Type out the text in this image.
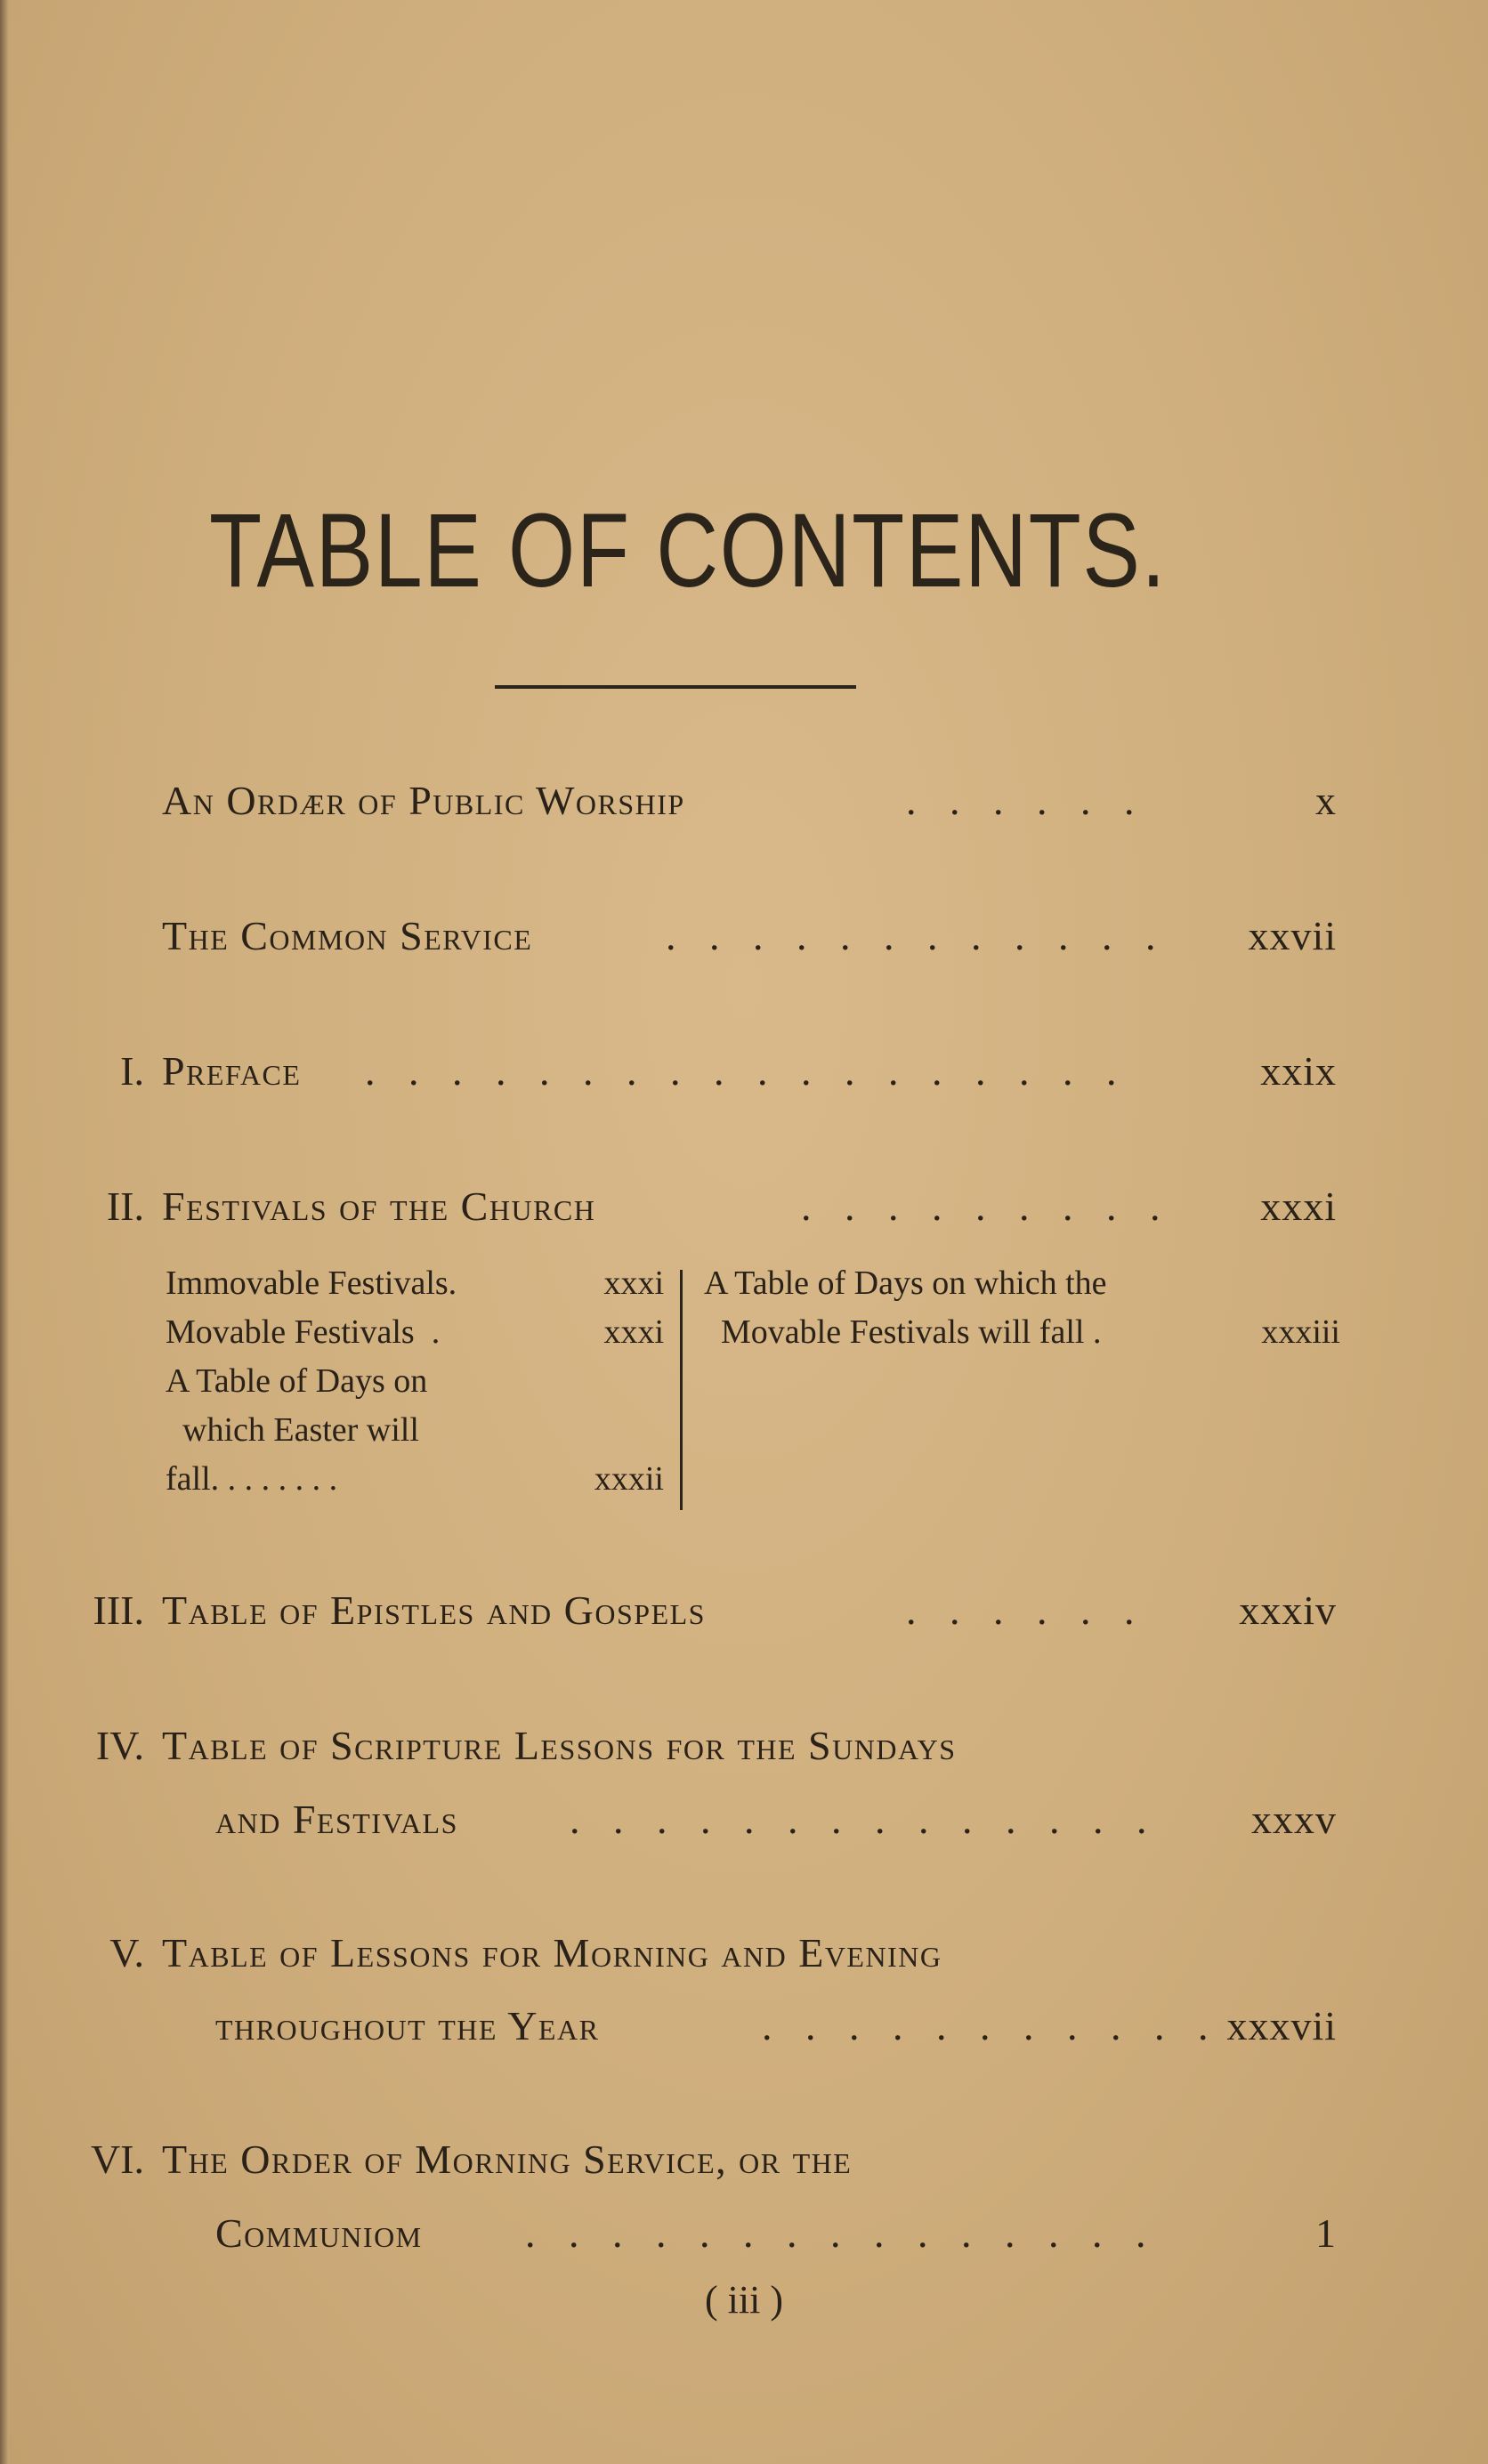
TABLE OF CONTENTS.
An Ordær of Public Worship	. . . . . .	x
The Common Service	. . . . . . . . . . . . xxvii
I. Preface . . . . . . . . . . . . . . . . . .	xxix
II. Festivals of the Church	. . . . . . . . . xxxi
Immovable Festivals.	xxxi
Movable Festivals  .	xxxi
A Table of Days on
which Easter will
fall. . . . . . . .	xxxii
A Table of Days on which the
Movable Festivals will fall .	xxxiii
III. Table of Epistles and Gospels	. . . . . . xxxiv
IV. Table of Scripture Lessons for the Sundays
and Festivals	. . . . . . . . . . . . . . xxxv
V. Table of Lessons for Morning and Evening
throughout the Year	. . . . . . . . . . . xxxvii
VI. The Order of Morning Service, or the
Communiom	. . . . . . . . . . . . . . .	1
( iii )
